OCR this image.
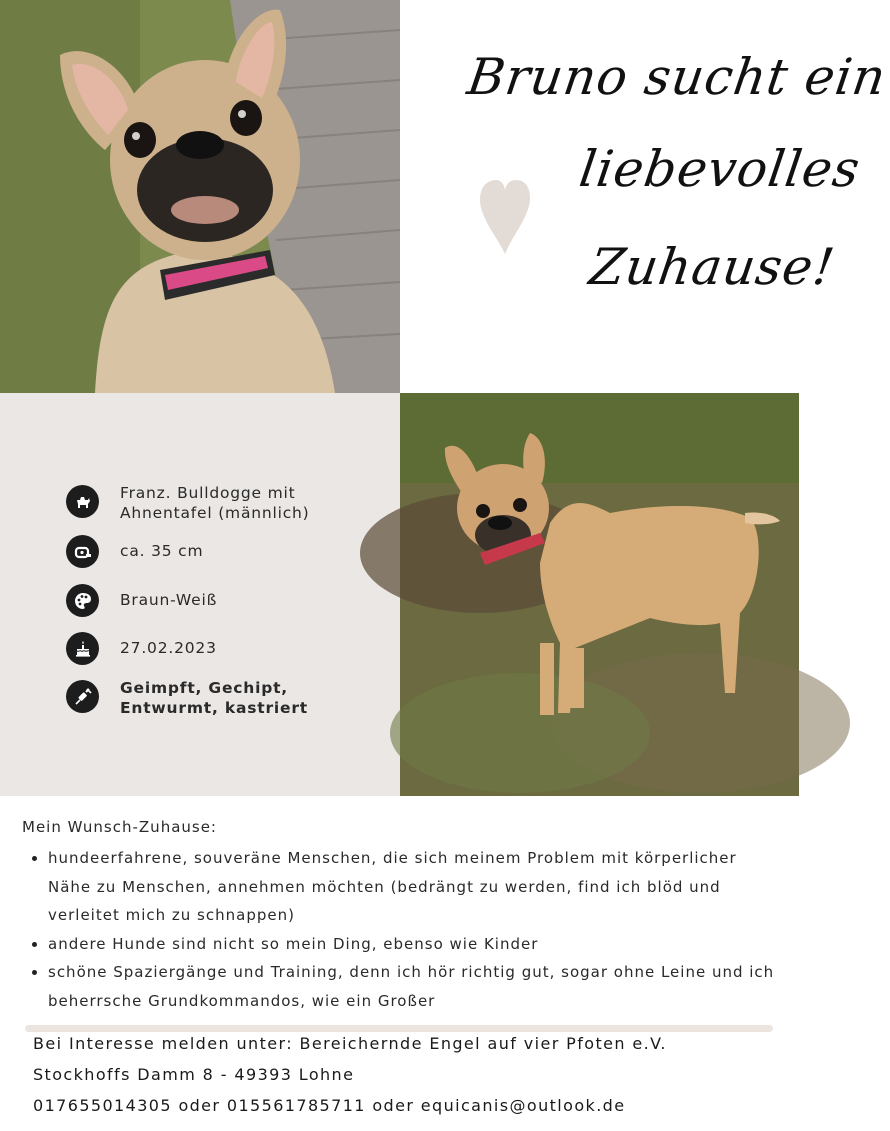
Bruno sucht ein
liebevolles
Zuhause!
Franz. Bulldogge mit
Ahnentafel (männlich)
ca. 35 cm
Braun-Weiß
27.02.2023
Geimpft, Gechipt,
Entwurmt, kastriert
Mein Wunsch-Zuhause:
hundeerfahrene, souveräne Menschen, die sich meinem Problem mit körperlicher Nähe zu Menschen, annehmen möchten (bedrängt zu werden, find ich blöd und verleitet mich zu schnappen)
andere Hunde sind nicht so mein Ding, ebenso wie Kinder
schöne Spaziergänge und Training, denn ich hör richtig gut, sogar ohne Leine und ich beherrsche Grundkommandos, wie ein Großer
Bei Interesse melden unter: Bereichernde Engel auf vier Pfoten e.V.
Stockhoffs Damm 8 - 49393 Lohne
017655014305 oder 015561785711 oder equicanis@outlook.de
